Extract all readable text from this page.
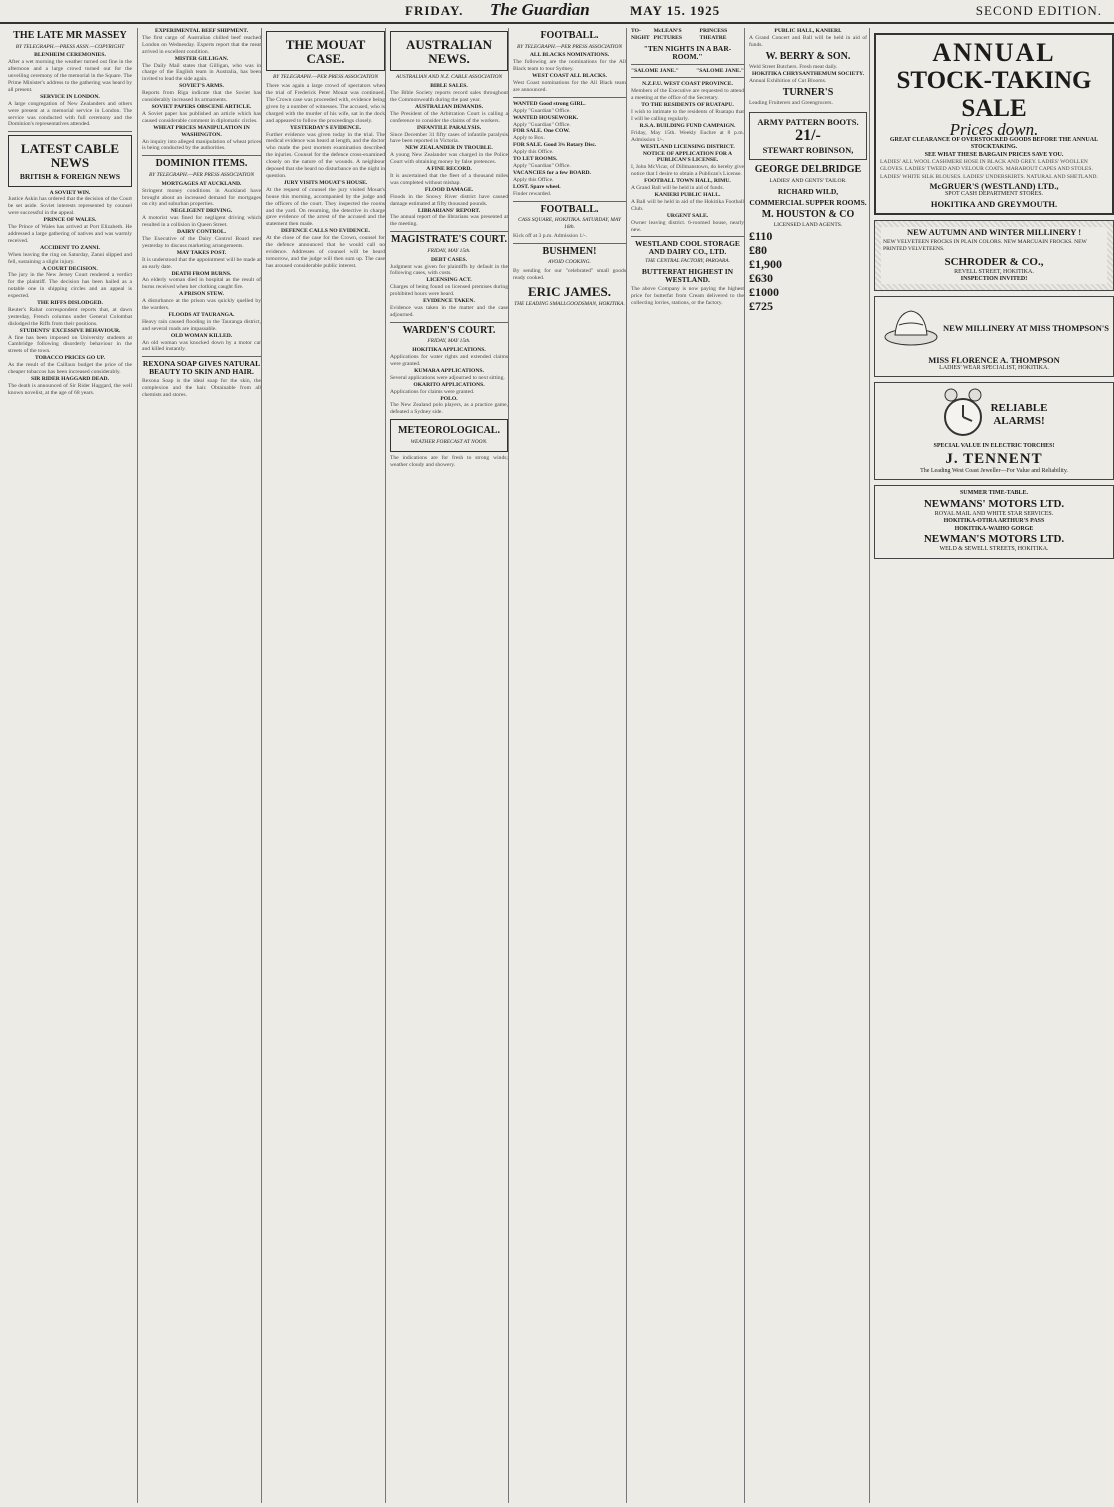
FRIDAY. The Guardian	MAY 15. 1925	SECOND EDITION.
THE LATE MR MASSEY
BY TELEGRAPH.—PRESS ASSN.—COPYRIGHT
BLENHEIM CEREMONIES.
After a wet morning the weather turned out fine in the afternoon and a large crowd turned out for the unveiling ceremony of the memorial in the Square. The Prime Minister's address to the gathering was heard by all present.
SERVICE IN LONDON.
A large congregation of New Zealanders and others were present at a memorial service in London. The service was conducted with full ceremony and the Dominion's representatives attended.
LATEST CABLE NEWS
BRITISH & FOREIGN NEWS
A SOVIET WIN.
Justice Askin has ordered that the decision of the Court be set aside. Soviet interests represented by counsel were successful in the appeal.
PRINCE OF WALES.
The Prince of Wales has arrived at Port Elizabeth. He addressed a large gathering of natives and was warmly received.
ACCIDENT TO ZANNI.
When leaving the ring on Saturday, Zanni slipped and fell, sustaining a slight injury.
A COURT DECISION.
The jury in the New Jersey Court rendered a verdict for the plaintiff. The decision has been hailed as a notable one in shipping circles and an appeal is expected.
THE RIFFS DISLODGED.
Reuter's Rabat correspondent reports that, at dawn yesterday, French columns under General Colombat dislodged the Riffs from their positions.
STUDENTS' EXCESSIVE BEHAVIOUR.
A fine has been imposed on University students at Cambridge following disorderly behaviour in the streets of the town.
TOBACCO PRICES GO UP.
As the result of the Caillaux budget the price of the cheaper tobaccos has been increased considerably.
SIR RIDER HAGGARD DEAD.
The death is announced of Sir Rider Haggard, the well known novelist, at the age of 68 years.
EXPERIMENTAL BEEF SHIPMENT.
The first cargo of Australian chilled beef reached London on Wednesday. Experts report that the meat arrived in excellent condition.
MISTER GILLIGAN.
The Daily Mail states that Gilligan, who was in charge of the English team in Australia, has been invited to lead the side again.
SOVIET'S ARMS.
Reports from Riga indicate that the Soviet has considerably increased its armaments.
SOVIET PAPERS OBSCENE ARTICLE.
A Soviet paper has published an article which has caused considerable comment in diplomatic circles.
WHEAT PRICES MANIPULATION IN WASHINGTON.
An inquiry into alleged manipulation of wheat prices is being conducted by the authorities.
DOMINION ITEMS.
BY TELEGRAPH.—PER PRESS ASSOCIATION
MORTGAGES AT AUCKLAND.
Stringent money conditions in Auckland have brought about an increased demand for mortgages on city and suburban properties.
NEGLIGENT DRIVING.
A motorist was fined for negligent driving which resulted in a collision in Queen Street.
DAIRY CONTROL.
The Executive of the Dairy Control Board met yesterday to discuss marketing arrangements.
MAY TAKES POST.
It is understood that the appointment will be made at an early date.
DEATH FROM BURNS.
An elderly woman died in hospital as the result of burns received when her clothing caught fire.
A PRISON STEW.
A disturbance at the prison was quickly quelled by the warders.
FLOODS AT TAURANGA.
Heavy rain caused flooding in the Tauranga district, and several roads are impassable.
OLD WOMAN KILLED.
An old woman was knocked down by a motor car and killed instantly.
REXONA SOAP GIVES NATURAL BEAUTY TO SKIN AND HAIR.
Rexona Soap is the ideal soap for the skin, the complexion and the hair. Obtainable from all chemists and stores.
THE MOUAT CASE.
BY TELEGRAPH.—PER PRESS ASSOCIATION
There was again a large crowd of spectators when the trial of Frederick Peter Mouat was continued. The Crown case was proceeded with, evidence being given by a number of witnesses. The accused, who is charged with the murder of his wife, sat in the dock and appeared to follow the proceedings closely.
YESTERDAY'S EVIDENCE.
Further evidence was given today in the trial. The medical evidence was heard at length, and the doctor who made the post mortem examination described the injuries. Counsel for the defence cross-examined closely on the nature of the wounds. A neighbour deposed that she heard no disturbance on the night in question.
JURY VISITS MOUAT'S HOUSE.
At the request of counsel the jury visited Mouat's house this morning, accompanied by the judge and the officers of the court. They inspected the rooms and the yard. On resuming, the detective in charge gave evidence of the arrest of the accused and the statement then made.
DEFENCE CALLS NO EVIDENCE.
At the close of the case for the Crown, counsel for the defence announced that he would call no evidence. Addresses of counsel will be heard tomorrow, and the judge will then sum up. The case has aroused considerable public interest.
AUSTRALIAN NEWS.
AUSTRALIAN AND N.Z. CABLE ASSOCIATION
BIBLE SALES.
The Bible Society reports record sales throughout the Commonwealth during the past year.
AUSTRALIAN DEMANDS.
The President of the Arbitration Court is calling a conference to consider the claims of the workers.
INFANTILE PARALYSIS.
Since December 31 fifty cases of infantile paralysis have been reported in Victoria.
NEW ZEALANDER IN TROUBLE.
A young New Zealander was charged in the Police Court with obtaining money by false pretences.
A FINE RECORD.
It is ascertained that the fleet of a thousand miles was completed without mishap.
FLOOD DAMAGE.
Floods in the Snowy River district have caused damage estimated at fifty thousand pounds.
LIBRARIANS' REPORT.
The annual report of the librarians was presented at the meeting.
MAGISTRATE'S COURT.
FRIDAY, MAY 15th.
DEBT CASES.
Judgment was given for plaintiffs by default in the following cases, with costs.
LICENSING ACT.
Charges of being found on licensed premises during prohibited hours were heard.
EVIDENCE TAKEN.
Evidence was taken in the matter and the case adjourned.
WARDEN'S COURT.
FRIDAY, MAY 15th.
HOKITIKA APPLICATIONS.
Applications for water rights and extended claims were granted.
KUMARA APPLICATIONS.
Several applications were adjourned to next sitting.
OKARITO APPLICATIONS.
Applications for claims were granted.
POLO.
The New Zealand polo players, as a practice game, defeated a Sydney side.
METEOROLOGICAL.
WEATHER FORECAST AT NOON.
The indications are for fresh to strong winds; weather cloudy and showery.
FOOTBALL.
BY TELEGRAPH.—PER PRESS ASSOCIATION
ALL BLACKS NOMINATIONS.
The following are the nominations for the All Black team to tour Sydney.
WEST COAST ALL BLACKS.
West Coast nominations for the All Black team are announced.
WANTED Good strong GIRL.
Apply "Guardian" Office.
WANTED HOUSEWORK.
Apply "Guardian" Office.
FOR SALE. One COW.
Apply to Box.
FOR SALE. Good 3¾ Rotary Disc.
Apply this Office.
TO LET ROOMS.
Apply "Guardian" Office.
VACANCIES for a few BOARD.
Apply this Office.
LOST. Spare wheel.
Finder rewarded.
FOOTBALL.
CASS SQUARE, HOKITIKA. SATURDAY, MAY 16th.
Kick off at 3 p.m. Admission 1/-.
BUSHMEN!
AVOID COOKING.
By sending for our "celebrated" small goods ready cooked.
ERIC JAMES.
THE LEADING SMALLGOODSMAN, HOKITIKA.
TO-NIGHT
McLEAN'S PICTURES
PRINCESS THEATRE
"TEN NIGHTS IN A BAR-ROOM."
"SALOME JANE."	"SALOME JANE."
N.Z.F.U. WEST COAST PROVINCE.
Members of the Executive are requested to attend a meeting at the office of the Secretary.
TO THE RESIDENTS OF RUATAPU.
I wish to intimate to the residents of Ruatapu that I will be calling regularly.
R.S.A. BUILDING FUND CAMPAIGN.
Friday, May 15th. Weekly Euchre at 8 p.m. Admission 1/-.
WESTLAND LICENSING DISTRICT.
NOTICE OF APPLICATION FOR A PUBLICAN'S LICENSE.
I, John McVicar, of Dillmanstown, do hereby give notice that I desire to obtain a Publican's License.
FOOTBALL TOWN HALL, RIMU.
A Grand Ball will be held in aid of funds.
KANIERI PUBLIC HALL.
A Ball will be held in aid of the Hokitika Football Club.
URGENT SALE.
Owner leaving district. 6-roomed house, nearly new.
WESTLAND COOL STORAGE AND DAIRY CO., LTD.
THE CENTRAL FACTORY, PAROARA.
BUTTERFAT HIGHEST IN WESTLAND.
The above Company is now paying the highest price for butterfat from Cream delivered to the collecting lorries, stations, or the factory.
PUBLIC HALL, KANIERI.
A Grand Concert and Ball will be held in aid of funds.
W. BERRY & SON.
Weld Street Butchers. Fresh meat daily.
HOKITIKA CHRYSANTHEMUM SOCIETY.
Annual Exhibition of Cut Blooms.
TURNER'S
Leading Fruiterers and Greengrocers.
ARMY PATTERN BOOTS.
21/-
STEWART ROBINSON,
GEORGE DELBRIDGE
LADIES' AND GENTS' TAILOR.
RICHARD WILD,
COMMERCIAL SUPPER ROOMS.
M. HOUSTON & CO
LICENSED LAND AGENTS.
£110
£80
£1,900
£630
£1000
£725
ANNUAL
STOCK-TAKING SALE
Prices down.
GREAT CLEARANCE OF OVERSTOCKED GOODS BEFORE THE ANNUAL STOCKTAKING.
SEE WHAT THESE BARGAIN PRICES SAVE YOU.
LADIES' ALL WOOL CASHMERE HOSE IN BLACK AND GREY. LADIES' WOOLLEN GLOVES. LADIES' TWEED AND VELOUR COATS. MARABOUT CAPES AND STOLES. LADIES' WHITE SILK BLOUSES. LADIES' UNDERSKIRTS. NATURAL AND SHETLAND.
McGRUER'S (WESTLAND) LTD.,
SPOT CASH DEPARTMENT STORES.
HOKITIKA AND GREYMOUTH.
NEW AUTUMN AND WINTER MILLINERY !
NEW VELVETEEN FROCKS IN PLAIN COLORS. NEW MARCUAIN FROCKS. NEW PRINTED VELVETEENS.
SCHRODER & CO.,
REVELL STREET, HOKITIKA.
INSPECTION INVITED!
NEW MILLINERY AT MISS THOMPSON'S
MISS FLORENCE A. THOMPSON
LADIES' WEAR SPECIALIST, HOKITIKA.
RELIABLE
ALARMS!
SPECIAL VALUE IN ELECTRIC TORCHES!
J. TENNENT
The Leading West Coast Jeweller—For Value and Reliability.
SUMMER TIME-TABLE.
NEWMANS' MOTORS LTD.
ROYAL MAIL AND WHITE STAR SERVICES.
HOKITIKA-OTIRA ARTHUR'S PASS
HOKITIKA-WAIHO GORGE
NEWMAN'S MOTORS LTD.
WELD & SEWELL STREETS, HOKITIKA.
